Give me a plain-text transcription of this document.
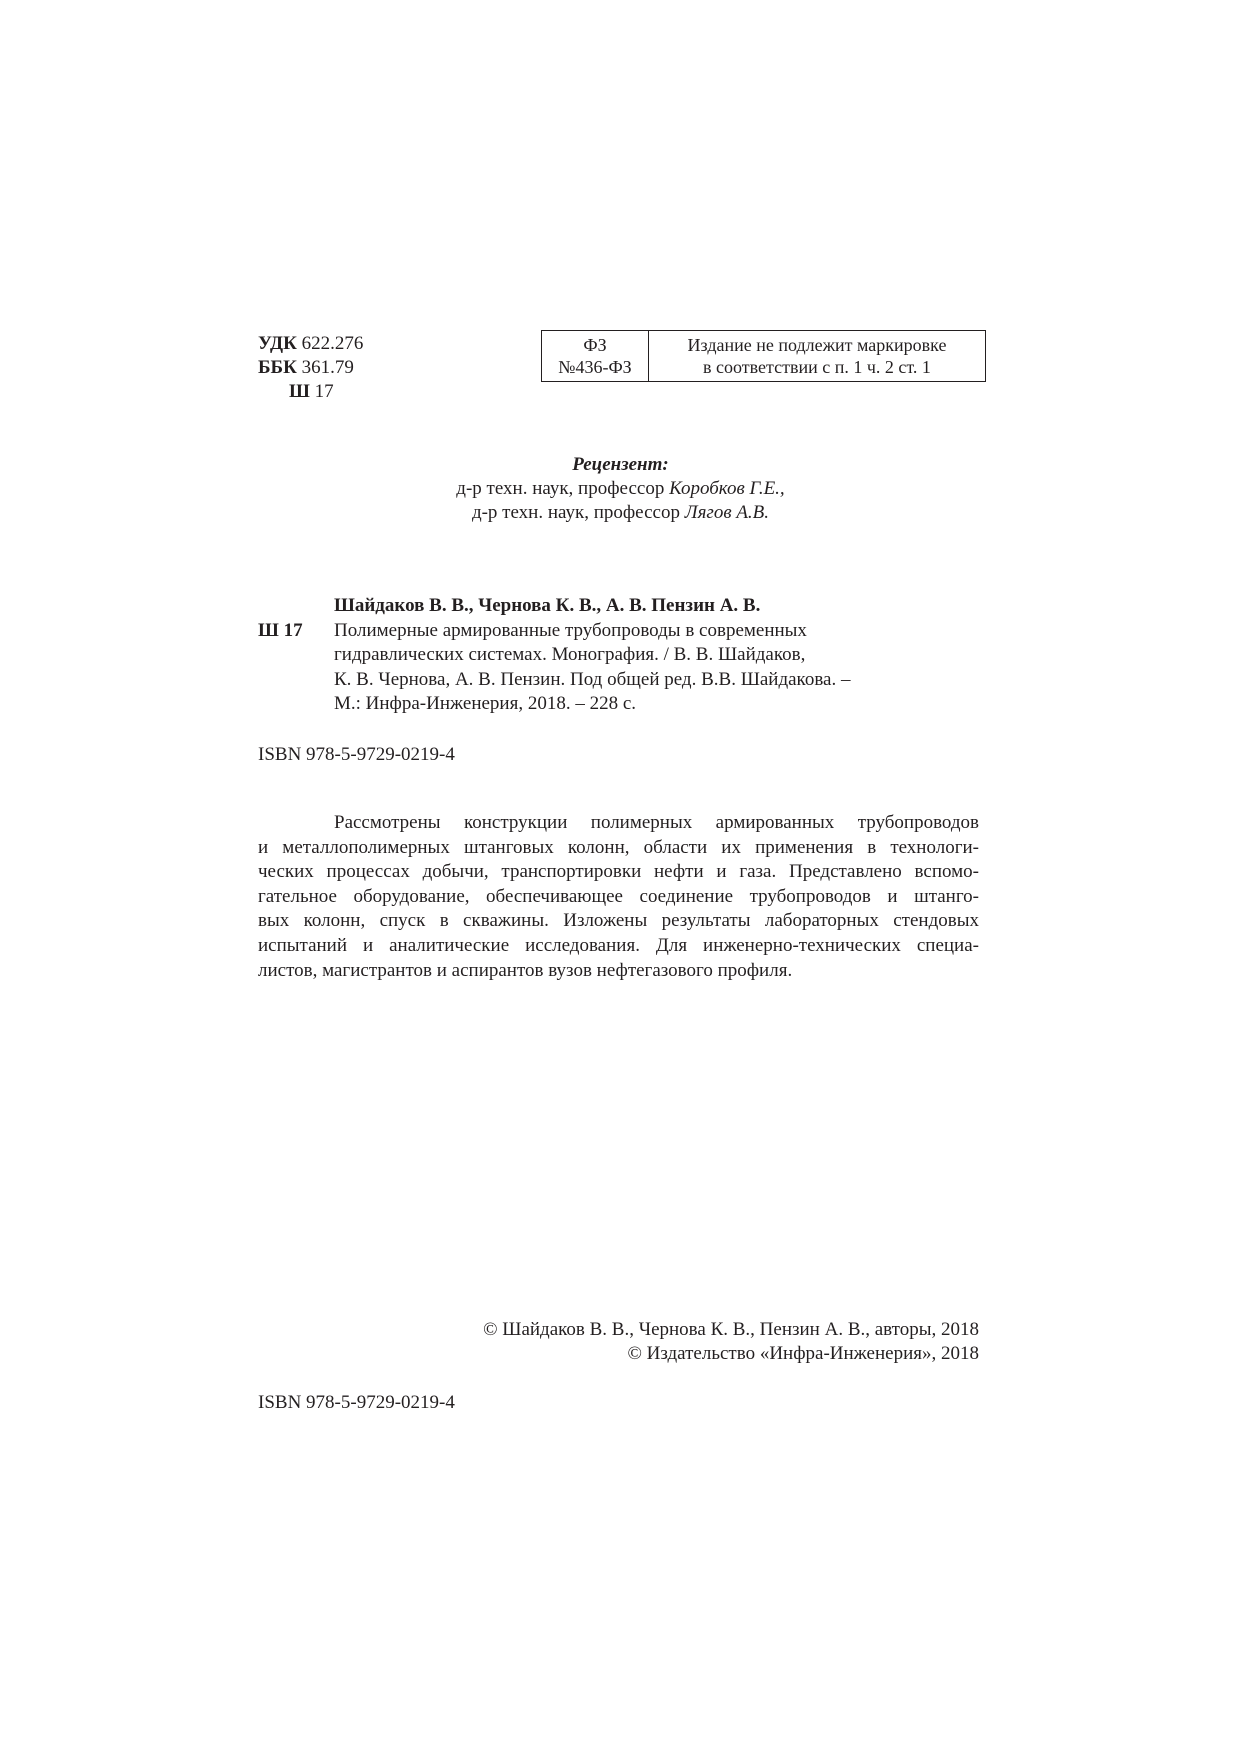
УДК 622.276
ББК 361.79
Ш 17
ФЗ
№436-ФЗ
Издание не подлежит маркировке
в соответствии с п. 1 ч. 2 ст. 1
Рецензент:
д-р техн. наук, профессор Коробков Г.Е.,
д-р техн. наук, профессор Лягов А.В.
Шайдаков В. В., Чернова К. В., А. В. Пензин А. В.
Ш 17 Полимерные армированные трубопроводы в современных
гидравлических системах. Монография. / В. В. Шайдаков,
К. В. Чернова, А. В. Пензин. Под общей ред. В.В. Шайдакова. –
М.: Инфра-Инженерия, 2018. – 228 с.
ISBN 978-5-9729-0219-4

Рассмотрены конструкции полимерных армированных трубопроводов

и металлополимерных штанговых колонн, области их применения в технологи-

ческих процессах добычи, транспортировки нефти и газа. Представлено вспомо-

гательное оборудование, обеспечивающее соединение трубопроводов и штанго-

вых колонн, спуск в скважины. Изложены результаты лабораторных стендовых

испытаний и аналитические исследования. Для инженерно-технических специа-

листов, магистрантов и аспирантов вузов нефтегазового профиля.

© Шайдаков В. В., Чернова К. В., Пензин А. В., авторы, 2018
© Издательство «Инфра-Инженерия», 2018
ISBN 978-5-9729-0219-4
